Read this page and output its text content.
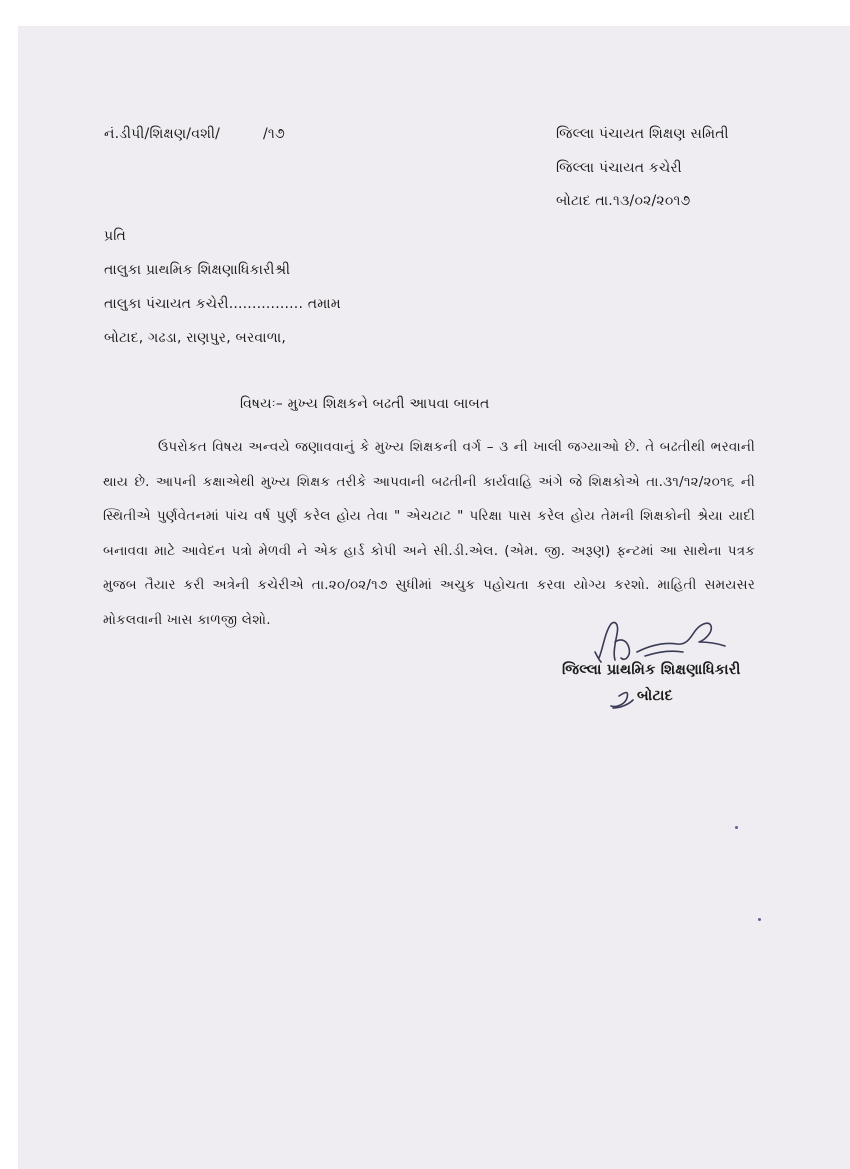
નં.ડીપી/શિક્ષણ/વશી/	/૧૭	જિલ્લા પંચાયત શિક્ષણ સમિતી
જિલ્લા પંચાયત કચેરી
બોટાદ તા.૧૩/૦૨/૨૦૧૭
પ્રતિ
તાલુકા પ્રાથમિક શિક્ષણાધિકારીશ્રી
તાલુકા પંચાયત કચેરી................ તમામ
બોટાદ, ગઢડા, રાણપુર, બરવાળા,
વિષયઃ– મુખ્ય શિક્ષકને બઢતી આપવા બાબત
ઉપરોકત વિષય અન્વયે જણાવવાનું કે મુખ્ય શિક્ષકની વર્ગ – ૩ ની ખાલી જગ્યાઓ છે. તે બઢતીથી ભરવાની થાય છે. આપની કક્ષાએથી મુખ્ય શિક્ષક તરીકે આપવાની બઢતીની કાર્યવાહિ અંગે જે શિક્ષકોએ તા.૩૧/૧૨/૨૦૧૬ ની સ્થિતીએ પુર્ણવેતનમાં પાંચ વર્ષ પુર્ણ કરેલ હોય તેવા " એચટાટ " પરિક્ષા પાસ કરેલ હોય તેમની શિક્ષકોની શ્રેયા યાદી બનાવવા માટે આવેદન પત્રો મેળવી ને એક હાર્ડ કોપી અને સી.ડી.એલ. (એમ. જી. અરૂણ) ફ્ન્ટમાં આ સાથેના પત્રક મુજબ તૈયાર કરી અત્રેની કચેરીએ તા.૨૦/૦૨/૧૭ સુધીમાં અચુક પહોચતા કરવા યોગ્ય કરશો. માહિતી સમયસર મોકલવાની ખાસ કાળજી લેશો.
જિલ્લા પ્રાથમિક શિક્ષણાધિકારી
બોટાદ
